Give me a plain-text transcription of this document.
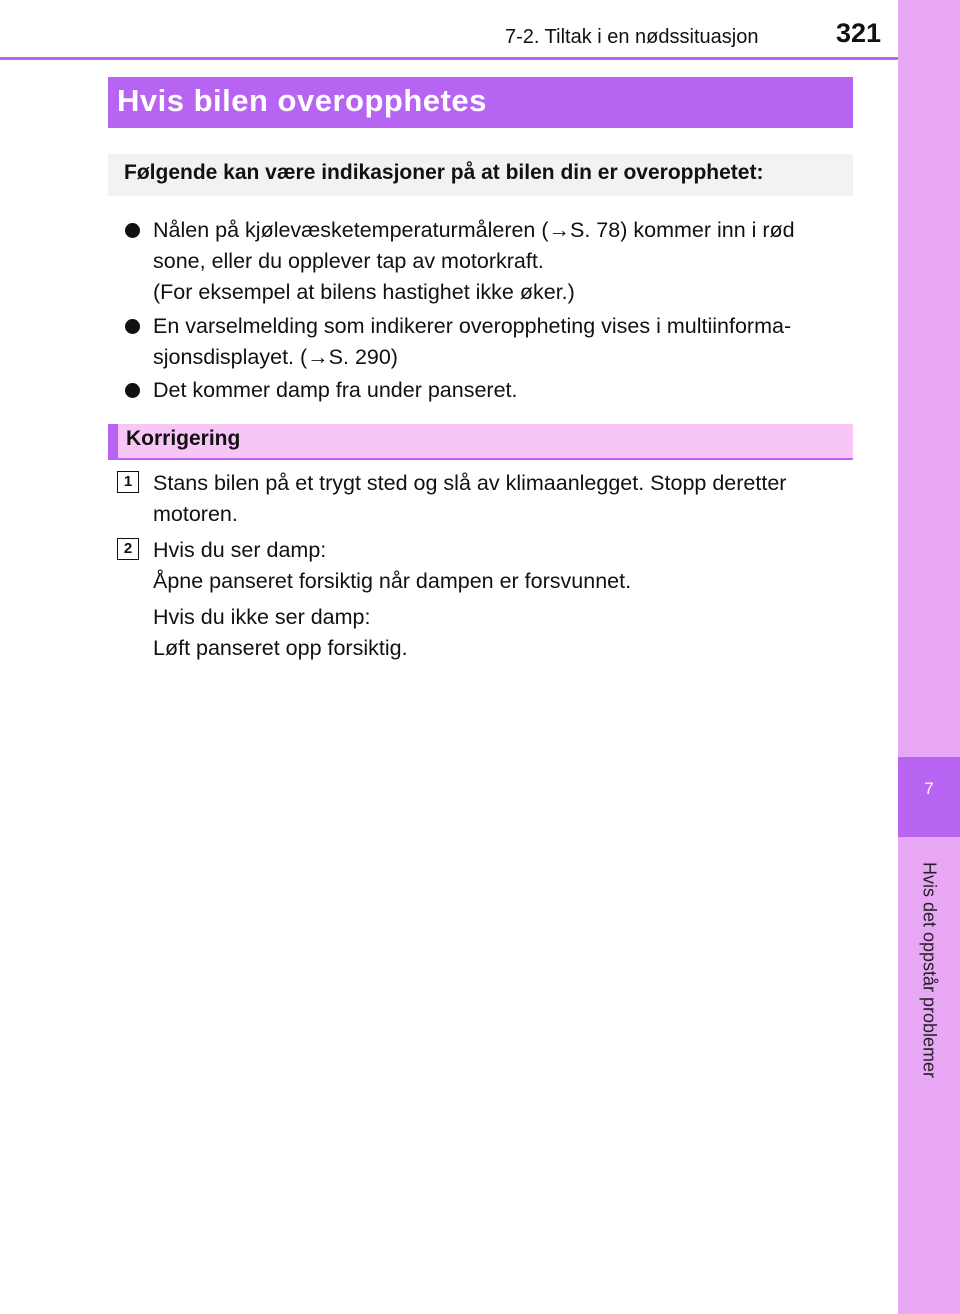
7-2. Tiltak i en nødssituasjon	321
7
Hvis det oppstår problemer
Hvis bilen overopphetes
Følgende kan være indikasjoner på at bilen din er overopphetet:
Nålen på kjølevæsketemperaturmåleren (→S. 78) kommer inn i rød
sone, eller du opplever tap av motorkraft.
(For eksempel at bilens hastighet ikke øker.)
En varselmelding som indikerer overoppheting vises i multiinforma-
sjonsdisplayet. (→S. 290)
Det kommer damp fra under panseret.
Korrigering
1 Stans bilen på et trygt sted og slå av klimaanlegget. Stopp deretter
motoren.
2 Hvis du ser damp:
Åpne panseret forsiktig når dampen er forsvunnet.
Hvis du ikke ser damp:
Løft panseret opp forsiktig.
